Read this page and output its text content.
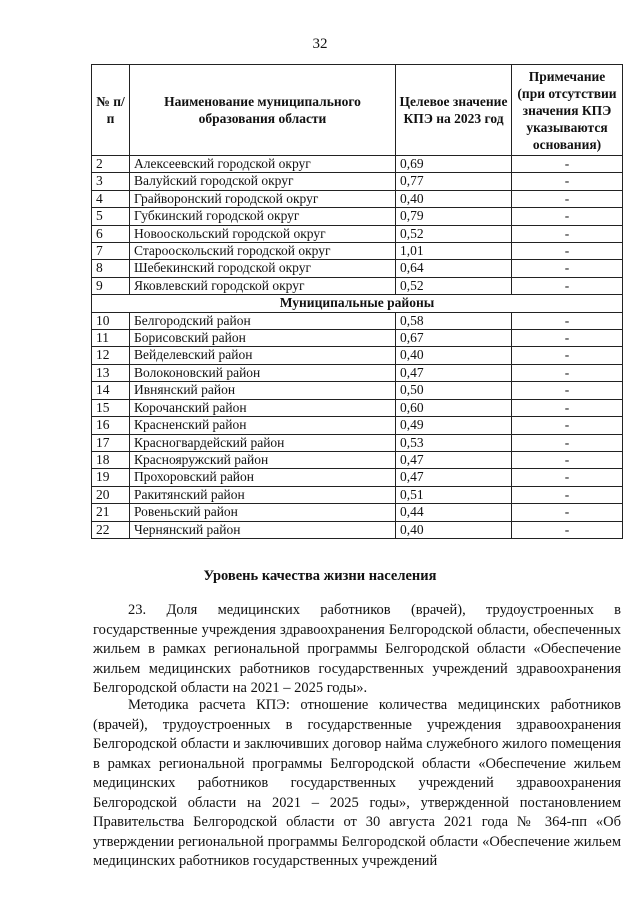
32
№ п/п	Наименование муниципального образования области	Целевое значение КПЭ на 2023 год	Примечание (при отсутствии значения КПЭ указываются основания)
2	Алексеевский городской округ	0,69	-
3	Валуйский городской округ	0,77	-
4	Грайворонский городской округ	0,40	-
5	Губкинский городской округ	0,79	-
6	Новооскольский городской округ	0,52	-
7	Старооскольский городской округ	1,01	-
8	Шебекинский городской округ	0,64	-
9	Яковлевский городской округ	0,52	-
Муниципальные районы			
10	Белгородский район	0,58	-
11	Борисовский район	0,67	-
12	Вейделевский район	0,40	-
13	Волоконовский район	0,47	-
14	Ивнянский район	0,50	-
15	Корочанский район	0,60	-
16	Красненский район	0,49	-
17	Красногвардейский район	0,53	-
18	Краснояружский район	0,47	-
19	Прохоровский район	0,47	-
20	Ракитянский район	0,51	-
21	Ровеньский район	0,44	-
22	Чернянский район	0,40	-
Уровень качества жизни населения

23. Доля медицинских работников (врачей), трудоустроенных в государственные учреждения здравоохранения Белгородской области, обеспеченных жильем в рамках региональной программы Белгородской области «Обеспечение жильем медицинских работников государственных учреждений здравоохранения Белгородской области на 2021 – 2025 годы».

Методика расчета КПЭ: отношение количества медицинских работников (врачей), трудоустроенных в государственные учреждения здравоохранения Белгородской области и заключивших договор найма служебного жилого помещения в рамках региональной программы Белгородской области «Обеспечение жильем медицинских работников государственных учреждений здравоохранения Белгородской области на 2021 – 2025 годы», утвержденной постановлением Правительства Белгородской области от 30 августа 2021 года № 364-пп «Об утверждении региональной программы Белгородской области «Обеспечение жильем медицинских работников государственных учреждений
